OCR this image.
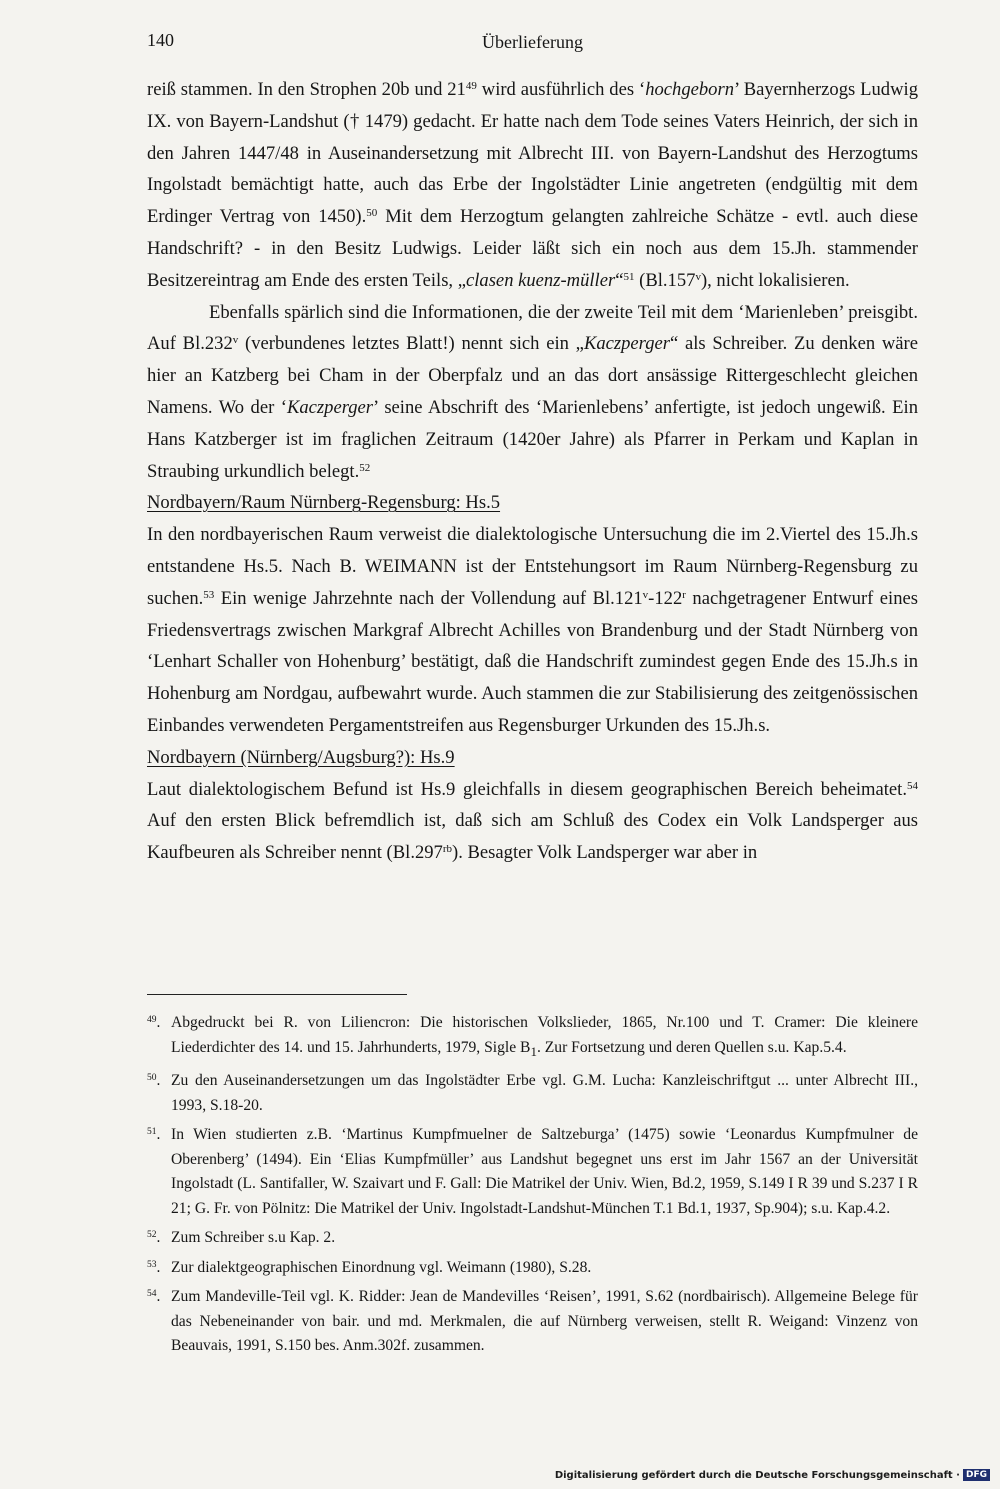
140	Überlieferung

reiß stammen. In den Strophen 20b und $21^{49}$ wird ausführlich des ‘hochgeborn’ Bayernherzogs Ludwig IX. von Bayern-Landshut († 1479) gedacht. Er hatte nach dem Tode seines Vaters Heinrich, der sich in den Jahren 1447/48 in Auseinandersetzung mit Albrecht III. von Bayern-Landshut des Herzogtums Ingolstadt bemächtigt hatte, auch das Erbe der Ingolstädter Linie angetreten (endgültig mit dem Erdinger Vertrag von 1450).$^{50}$ Mit dem Herzogtum gelangten zahlreiche Schätze - evtl. auch diese Handschrift? - in den Besitz Ludwigs. Leider läßt sich ein noch aus dem 15.Jh. stammender Besitzereintrag am Ende des ersten Teils, „clasen kuenz-müller“$^{51}$ (Bl.157$^v$), nicht lokalisieren.

Ebenfalls spärlich sind die Informationen, die der zweite Teil mit dem ‘Marienleben’ preisgibt. Auf Bl.232$^v$ (verbundenes letztes Blatt!) nennt sich ein „Kaczperger“ als Schreiber. Zu denken wäre hier an Katzberg bei Cham in der Oberpfalz und an das dort ansässige Rittergeschlecht gleichen Namens. Wo der ‘Kaczperger’ seine Abschrift des ‘Marienlebens’ anfertigte, ist jedoch ungewiß. Ein Hans Katzberger ist im fraglichen Zeitraum (1420er Jahre) als Pfarrer in Perkam und Kaplan in Straubing urkundlich belegt.$^{52}$

Nordbayern/Raum Nürnberg-Regensburg: Hs.5

In den nordbayerischen Raum verweist die dialektologische Untersuchung die im 2.Viertel des 15.Jh.s entstandene Hs.5. Nach B. WEIMANN ist der Entstehungsort im Raum Nürnberg-Regensburg zu suchen.$^{53}$ Ein wenige Jahrzehnte nach der Vollendung auf Bl.121$^v$-122$^r$ nachgetragener Entwurf eines Friedensvertrags zwischen Markgraf Albrecht Achilles von Brandenburg und der Stadt Nürnberg von ‘Lenhart Schaller von Hohenburg’ bestätigt, daß die Handschrift zumindest gegen Ende des 15.Jh.s in Hohenburg am Nordgau, aufbewahrt wurde. Auch stammen die zur Stabilisierung des zeitgenössischen Einbandes verwendeten Pergamentstreifen aus Regensburger Urkunden des 15.Jh.s.

Nordbayern (Nürnberg/Augsburg?): Hs.9

Laut dialektologischem Befund ist Hs.9 gleichfalls in diesem geographischen Bereich beheimatet.$^{54}$ Auf den ersten Blick befremdlich ist, daß sich am Schluß des Codex ein Volk Landsperger aus Kaufbeuren als Schreiber nennt $(Bl.297^{rb})$. Besagter Volk Landsperger war aber in

$^{49}$. Abgedruckt bei R. von Liliencron: Die historischen Volkslieder, 1865, Nr.100 und T. Cramer: Die kleinere Liederdichter des 14. und 15. Jahrhunderts, 1979, Sigle $B_1$. Zur Fortsetzung und deren Quellen s.u. Kap.5.4.
$^{50}$. Zu den Auseinandersetzungen um das Ingolstädter Erbe vgl. G.M. Lucha: Kanzleischriftgut ... unter Albrecht III., 1993, S.18-20.
$^{51}$. In Wien studierten z.B. ‘Martinus Kumpfmuelner de Saltzeburga’ (1475) sowie ‘Leonardus Kumpfmulner de Oberenberg’ (1494). Ein ‘Elias Kumpfmüller’ aus Landshut begegnet uns erst im Jahr 1567 an der Universität Ingolstadt (L. Santifaller, W. Szaivart und F. Gall: Die Matrikel der Univ. Wien, Bd.2, 1959, S.149 I R 39 und S.237 I R 21; G. Fr. von Pölnitz: Die Matrikel der Univ. Ingolstadt-Landshut-München T.1 Bd.1, 1937, Sp.904); s.u. Kap.4.2.
$^{52}$. Zum Schreiber s.u Kap. 2.
$^{53}$. Zur dialektgeographischen Einordnung vgl. Weimann (1980), S.28.
$^{54}$. Zum Mandeville-Teil vgl. K. Ridder: Jean de Mandevilles ‘Reisen’, 1991, S.62 (nordbairisch). Allgemeine Belege für das Nebeneinander von bair. und md. Merkmalen, die auf Nürnberg verweisen, stellt R. Weigand: Vinzenz von Beauvais, 1991, S.150 bes. Anm.302f. zusammen.
Digitalisierung gefördert durch die Deutsche Forschungsgemeinschaft · DFG
